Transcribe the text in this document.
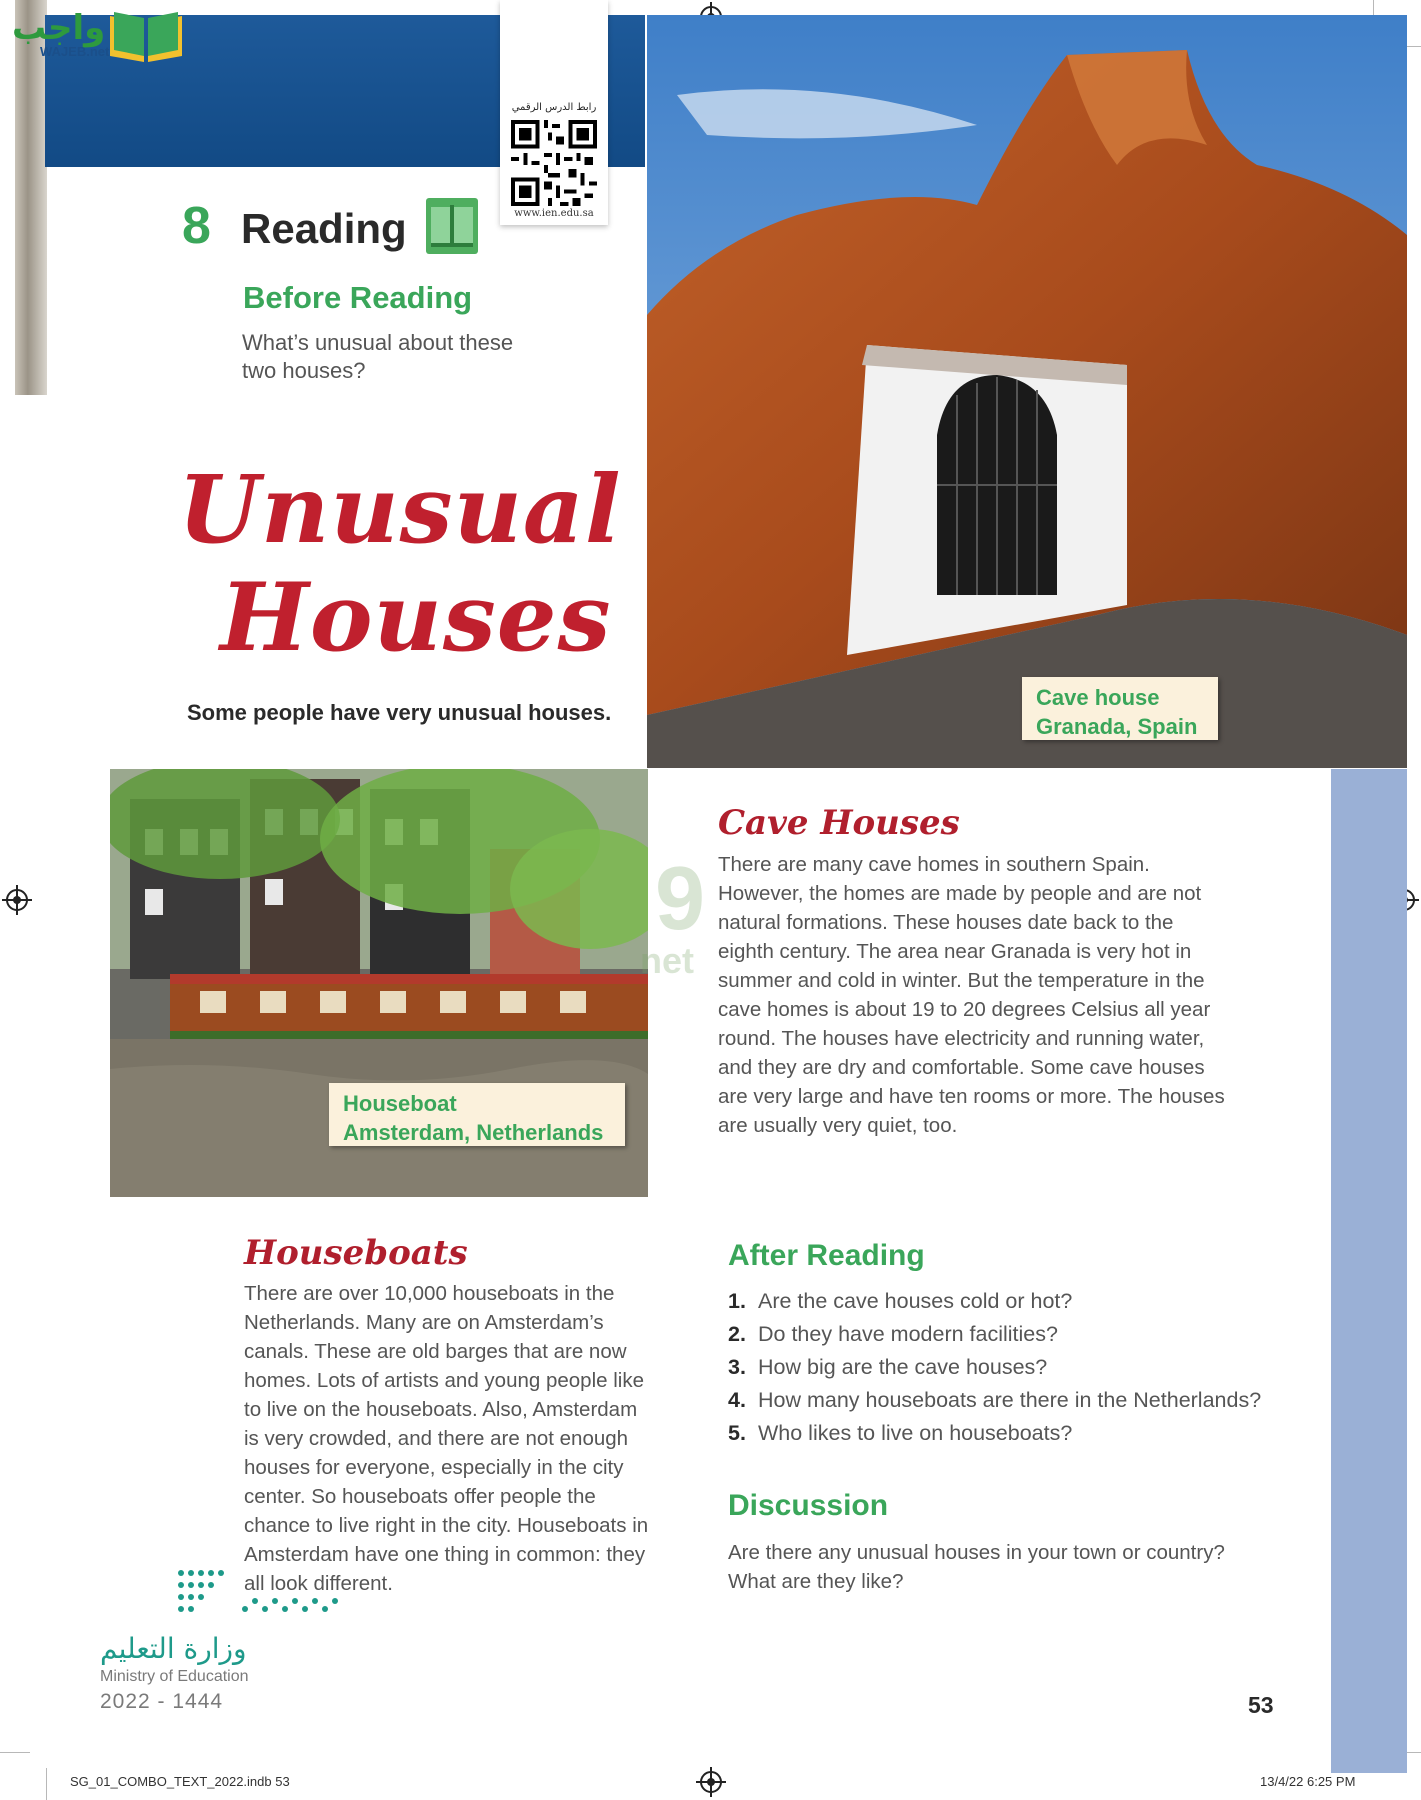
واجب
WAJEB.net
رابط الدرس الرقمي
www.ien.edu.sa
8 Reading
Before Reading
What’s unusual about these
two houses?
Unusual
Houses
Some people have very unusual houses.
Cave house
Granada, Spain
Houseboat
Amsterdam, Netherlands
9
net
Cave Houses
There are many cave homes in southern Spain.
However, the homes are made by people and are not
natural formations. These houses date back to the
eighth century. The area near Granada is very hot in
summer and cold in winter. But the temperature in the
cave homes is about 19 to 20 degrees Celsius all year
round. The houses have electricity and running water,
and they are dry and comfortable. Some cave houses
are very large and have ten rooms or more. The houses
are usually very quiet, too.
Houseboats
There are over 10,000 houseboats in the
Netherlands. Many are on Amsterdam’s
canals. These are old barges that are now
homes. Lots of artists and young people like
to live on the houseboats. Also, Amsterdam
is very crowded, and there are not enough
houses for everyone, especially in the city
center. So houseboats offer people the
chance to live right in the city. Houseboats in
Amsterdam have one thing in common: they
all look different.
After Reading
1. Are the cave houses cold or hot?
2. Do they have modern facilities?
3. How big are the cave houses?
4. How many houseboats are there in the Netherlands?
5. Who likes to live on houseboats?
Discussion
Are there any unusual houses in your town or country?
What are they like?
وزارة التعليم
Ministry of Education
2022 - 1444	53
SG_01_COMBO_TEXT_2022.indb 53	13/4/22 6:25 PM
